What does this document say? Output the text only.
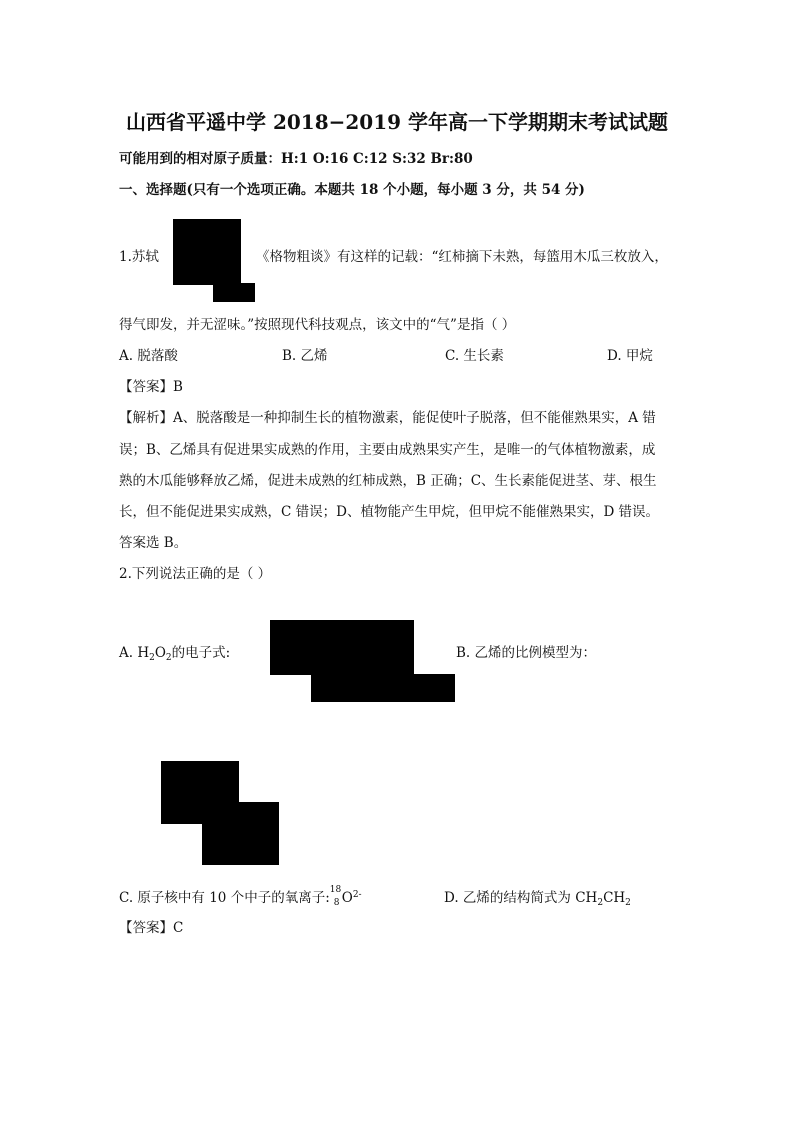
山西省平遥中学 2018−2019 学年高一下学期期末考试试题
可能用到的相对原子质量：H:1 O:16 C:12 S:32 Br:80
一、选择题(只有一个选项正确。本题共 18 个小题，每小题 3 分，共 54 分)
1.苏轼	《格物粗谈》有这样的记载：“红柿摘下未熟，每篮用木瓜三枚放入，
得气即发，并无涩味。”按照现代科技观点，该文中的“气”是指（ ）
A. 脱落酸	B. 乙烯	C. 生长素	D. 甲烷
【答案】B
【解析】A、脱落酸是一种抑制生长的植物激素，能促使叶子脱落，但不能催熟果实，A 错
误；B、乙烯具有促进果实成熟的作用，主要由成熟果实产生，是唯一的气体植物激素，成
熟的木瓜能够释放乙烯，促进未成熟的红柿成熟，B 正确；C、生长素能促进茎、芽、根生
长，但不能促进果实成熟，C 错误；D、植物能产生甲烷，但甲烷不能催熟果实，D 错误。
答案选 B。
2.下列说法正确的是（ ）
A. $H_2O_2$的电子式:	B. 乙烯的比例模型为：
C. 原子核中有 10 个中子的氧离子:
18
8 $O^{2-}$	D. 乙烯的结构简式为 $CH_2CH_2$
【答案】C
